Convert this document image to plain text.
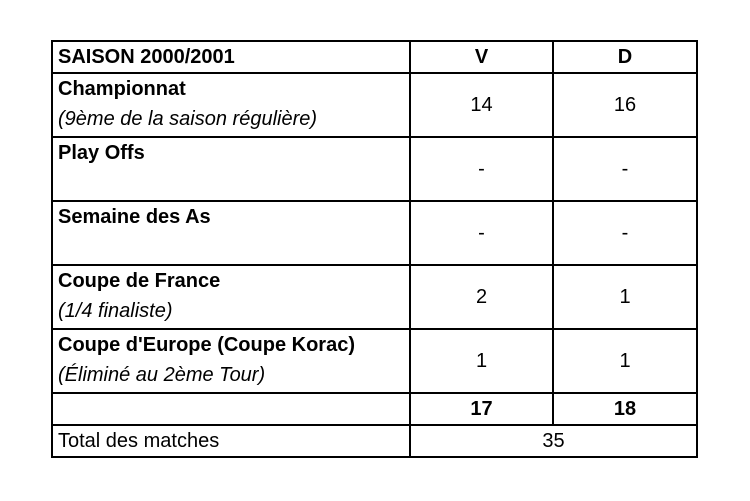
SAISON 2000/2001	V	D

Championnat
(9ème de la saison régulière)	14	16

Play Offs	-	-

Semaine des As	-	-

Coupe de France
(1/4 finaliste)	2	1

Coupe d'Europe (Coupe Korac)
(Éliminé au 2ème Tour)	1	1
	17	18
Total des matches	35	
